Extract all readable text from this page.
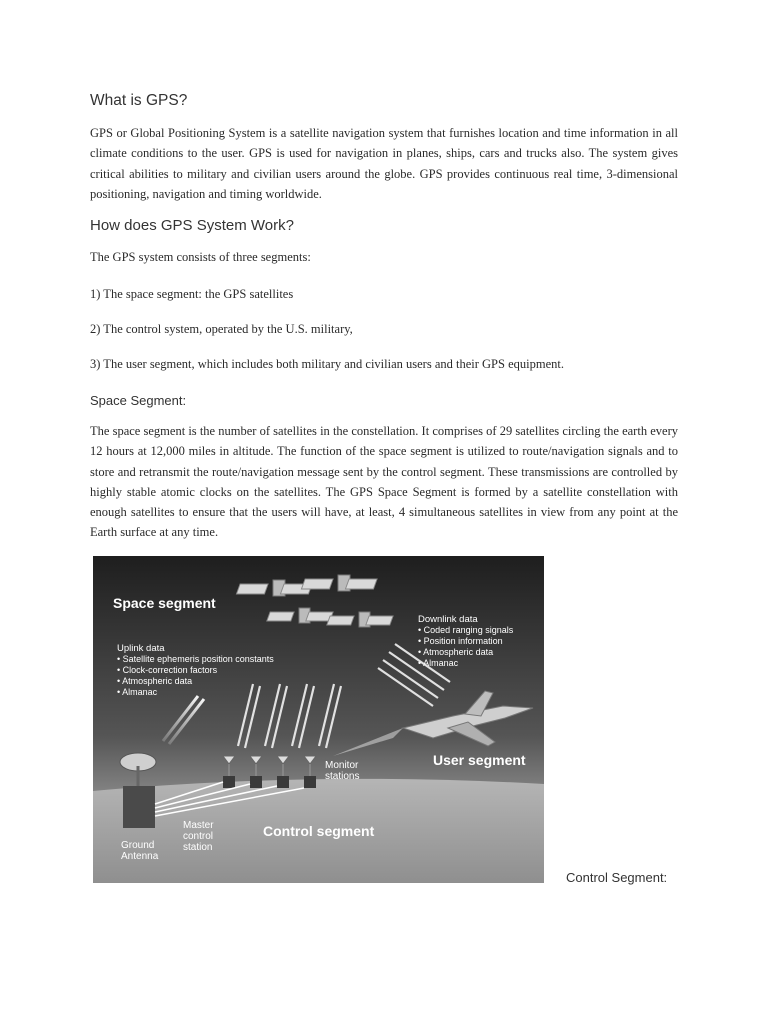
What is GPS?

GPS or Global Positioning System is a satellite navigation system that furnishes location and time information in all climate conditions to the user. GPS is used for navigation in planes, ships, cars and trucks also. The system gives critical abilities to military and civilian users around the globe. GPS provides continuous real time, 3-dimensional positioning, navigation and timing worldwide.

How does GPS System Work?
The GPS system consists of three segments:
1) The space segment: the GPS satellites
2) The control system, operated by the U.S. military,
3) The user segment, which includes both military and civilian users and their GPS equipment.
Space Segment:

The space segment is the number of satellites in the constellation. It comprises of 29 satellites circling the earth every 12 hours at 12,000 miles in altitude. The function of the space segment is utilized to route/navigation signals and to store and retransmit the route/navigation message sent by the control segment. These transmissions are controlled by highly stable atomic clocks on the satellites. The GPS Space Segment is formed by a satellite constellation with enough satellites to ensure that the users will have, at least, 4 simultaneous satellites in view from any point at the Earth surface at any time.

Space segment
Uplink data
• Satellite ephemeris position constants
• Clock-correction factors
• Atmospheric data
• Almanac
Downlink data
• Coded ranging signals
• Position information
• Atmospheric data
• Almanac
Monitor
stations
User segment
Master
control
station
Ground
Antenna
Control segment
Control Segment:
